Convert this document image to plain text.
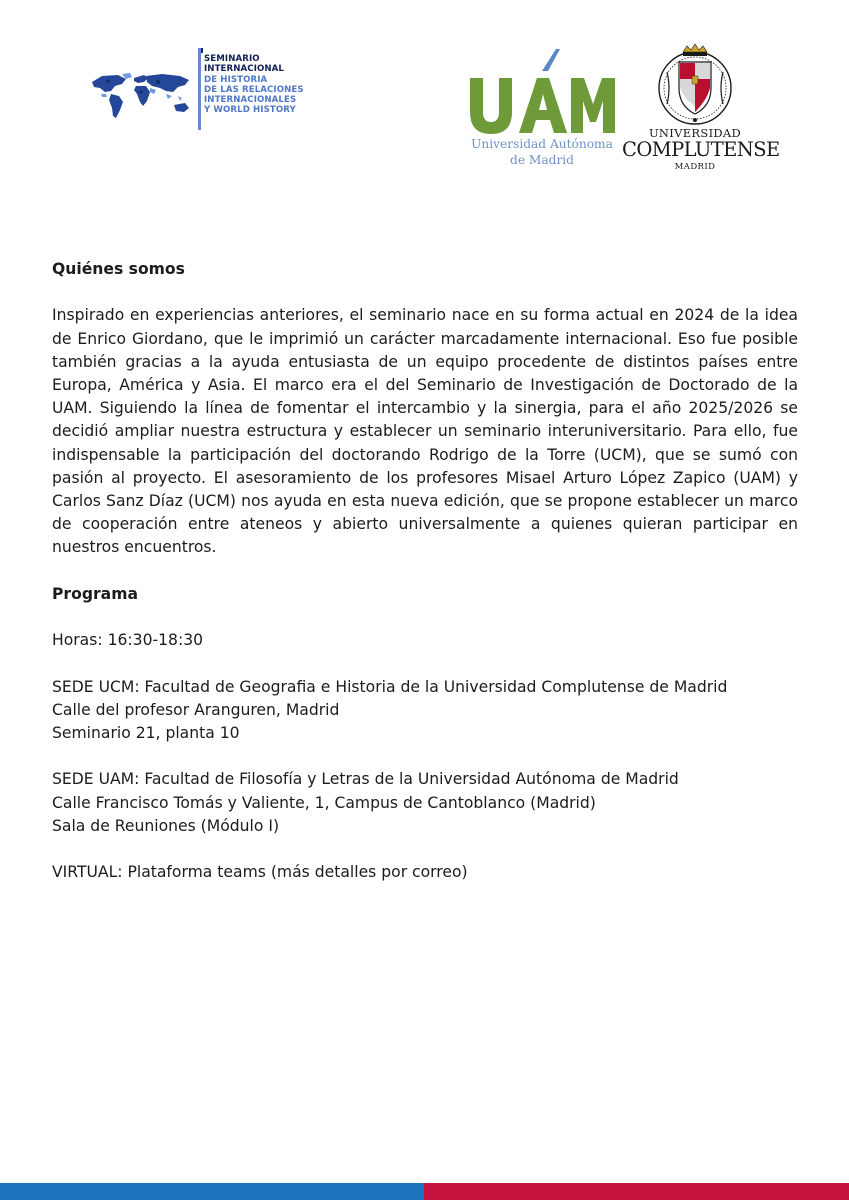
SEMINARIO
INTERNACIONAL
DE HISTORIA
DE LAS RELACIONES
INTERNACIONALES
Y WORLD HISTORY
Universidad Autónoma
de Madrid
UNIVERSIDAD
COMPLUTENSE
MADRID
Quiénes somos
Inspirado en experiencias anteriores, el seminario nace en su forma actual en 2024 de la idea de Enrico Giordano, que le imprimió un carácter marcadamente internacional. Eso fue posible también gracias a la ayuda entusiasta de un equipo procedente de distintos países entre Europa, América y Asia. El marco era el del Seminario de Investigación de Doctorado de la UAM. Siguiendo la línea de fomentar el intercambio y la sinergia, para el año 2025/2026 se decidió ampliar nuestra estructura y establecer un seminario interuniversitario. Para ello, fue indispensable la participación del doctorando Rodrigo de la Torre (UCM), que se sumó con pasión al proyecto. El asesoramiento de los profesores Misael Arturo López Zapico (UAM) y Carlos Sanz Díaz (UCM) nos ayuda en esta nueva edición, que se propone establecer un marco de cooperación entre ateneos y abierto universalmente a quienes quieran participar en nuestros encuentros.
Programa
Horas: 16:30-18:30
SEDE UCM: Facultad de Geografia e Historia de la Universidad Complutense de Madrid
Calle del profesor Aranguren, Madrid
Seminario 21, planta 10
SEDE UAM: Facultad de Filosofía y Letras de la Universidad Autónoma de Madrid
Calle Francisco Tomás y Valiente, 1, Campus de Cantoblanco (Madrid)
Sala de Reuniones (Módulo I)
VIRTUAL: Plataforma teams (más detalles por correo)
